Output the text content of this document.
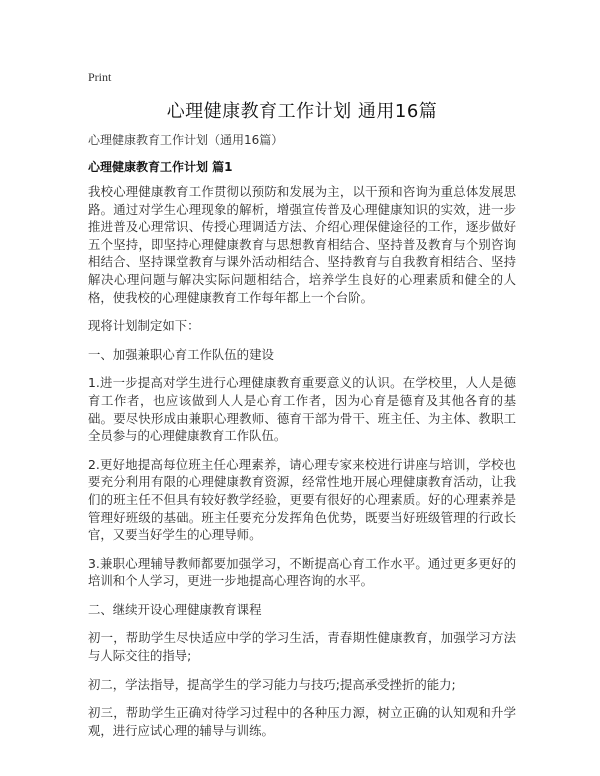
Print
心理健康教育工作计划 通用16篇
心理健康教育工作计划（通用16篇）
心理健康教育工作计划 篇1

我校心理健康教育工作贯彻以预防和发展为主，以干预和咨询为重总体发展思路。通过对学生心理现象的解析，增强宣传普及心理健康知识的实效，进一步推进普及心理常识、传授心理调适方法、介绍心理保健途径的工作，逐步做好五个坚持，即坚持心理健康教育与思想教育相结合、坚持普及教育与个别咨询相结合、坚持课堂教育与课外活动相结合、坚持教育与自我教育相结合、坚持解决心理问题与解决实际问题相结合，培养学生良好的心理素质和健全的人格，使我校的心理健康教育工作每年都上一个台阶。

现将计划制定如下：

一、加强兼职心育工作队伍的建设

1.进一步提高对学生进行心理健康教育重要意义的认识。在学校里，人人是德育工作者，也应该做到人人是心育工作者，因为心育是德育及其他各育的基础。要尽快形成由兼职心理教师、德育干部为骨干、班主任、为主体、教职工全员参与的心理健康教育工作队伍。

2.更好地提高每位班主任心理素养，请心理专家来校进行讲座与培训，学校也要充分利用有限的心理健康教育资源，经常性地开展心理健康教育活动，让我们的班主任不但具有较好教学经验，更要有很好的心理素质。好的心理素养是管理好班级的基础。班主任要充分发挥角色优势，既要当好班级管理的行政长官，又要当好学生的心理导师。

3.兼职心理辅导教师都要加强学习，不断提高心育工作水平。通过更多更好的培训和个人学习，更进一步地提高心理咨询的水平。

二、继续开设心理健康教育课程

初一，帮助学生尽快适应中学的学习生活，青春期性健康教育，加强学习方法与人际交往的指导;

初二，学法指导，提高学生的学习能力与技巧;提高承受挫折的能力;

初三，帮助学生正确对待学习过程中的各种压力源，树立正确的认知观和升学观，进行应试心理的辅导与训练。
